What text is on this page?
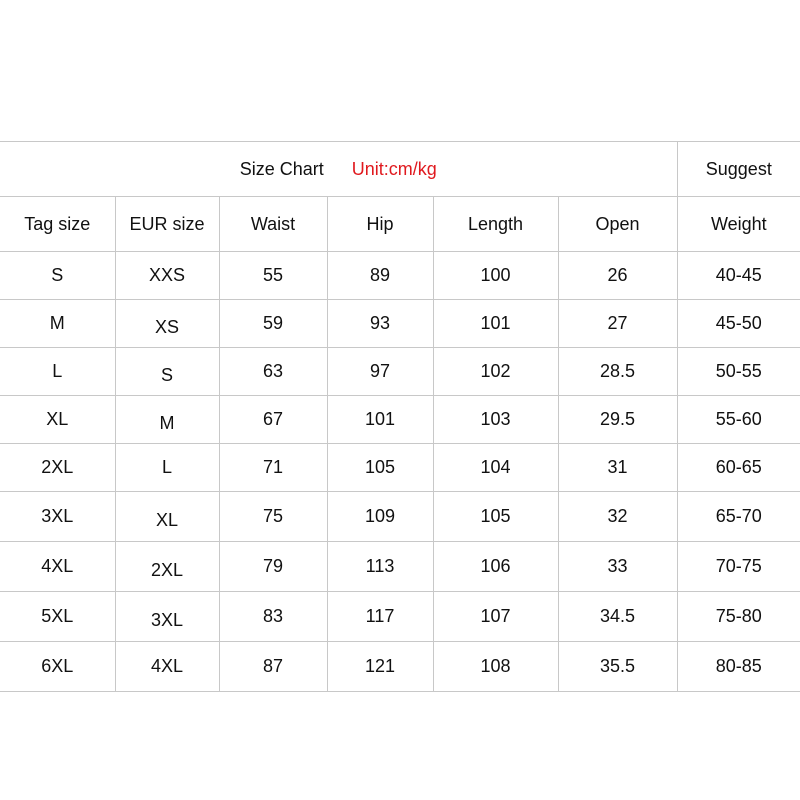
Size Chart Unit:cm/kg						Suggest
Tag size	EUR size	Waist	Hip	Length	Open	Weight
S	XXS	55	89	100	26	40-45
M	XS	59	93	101	27	45-50
L	S	63	97	102	28.5	50-55
XL	M	67	101	103	29.5	55-60
2XL	L	71	105	104	31	60-65
3XL	XL	75	109	105	32	65-70
4XL	2XL	79	113	106	33	70-75
5XL	3XL	83	117	107	34.5	75-80
6XL	4XL	87	121	108	35.5	80-85
